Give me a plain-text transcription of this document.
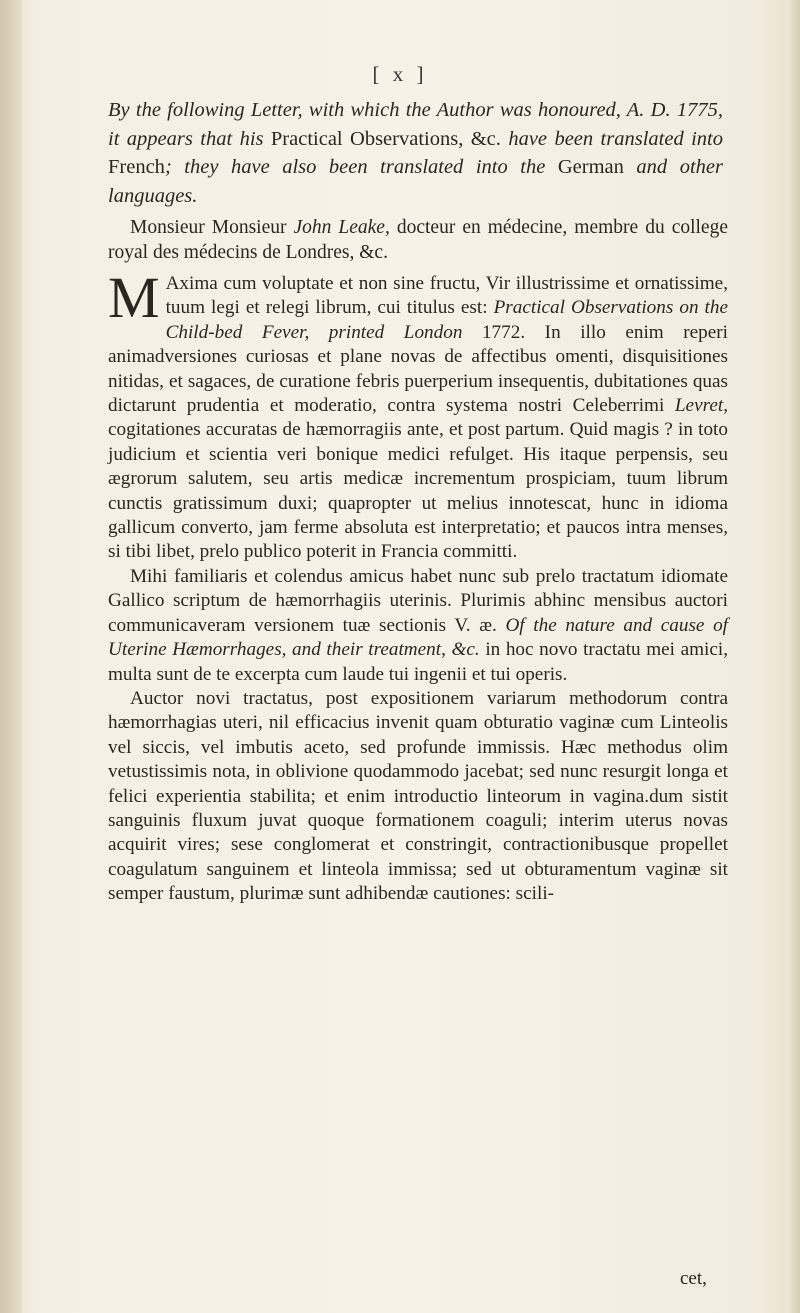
[ x ]
By the following Letter, with which the Author was honoured, A. D. 1775, it appears that his Practical Observations, &c. have been translated into French; they have also been translated into the German and other languages.
Monsieur Monsieur John Leake, docteur en médecine, membre du college royal des médecins de Londres, &c.

M Axima cum voluptate et non sine fructu, Vir illustrissime et ornatissime, tuum legi et relegi librum, cui titulus est: Practical Observations on the Child-bed Fever, printed London 1772. In illo enim reperi animadversiones curiosas et plane novas de affectibus omenti, disquisitiones nitidas, et sagaces, de curatione febris puerperium insequentis, dubitationes quas dictarunt prudentia et moderatio, contra systema nostri Celeberrimi Levret, cogitationes accuratas de hæmorragiis ante, et post partum. Quid magis ? in toto judicium et scientia veri bonique medici refulget. His itaque perpensis, seu ægrorum salutem, seu artis medicæ incrementum prospiciam, tuum librum cunctis gratissimum duxi; quapropter ut melius innotescat, hunc in idioma gallicum converto, jam ferme absoluta est interpretatio; et paucos intra menses, si tibi libet, prelo publico poterit in Francia committi.

Mihi familiaris et colendus amicus habet nunc sub prelo tractatum idiomate Gallico scriptum de hæmorrhagiis uterinis. Plurimis abhinc mensibus auctori communicaveram versionem tuæ sectionis V. æ. Of the nature and cause of Uterine Hæmorrhages, and their treatment, &c. in hoc novo tractatu mei amici, multa sunt de te excerpta cum laude tui ingenii et tui operis.

Auctor novi tractatus, post expositionem variarum methodorum contra hæmorrhagias uteri, nil efficacius invenit quam obturatio vaginæ cum Linteolis vel siccis, vel imbutis aceto, sed profunde immissis. Hæc methodus olim vetustissimis nota, in oblivione quodammodo jacebat; sed nunc resurgit longa et felici experientia stabilita; et enim introductio linteorum in vagina.dum sistit sanguinis fluxum juvat quoque formationem coaguli; interim uterus novas acquirit vires; sese conglomerat et constringit, contractionibusque propellet coagulatum sanguinem et linteola immissa; sed ut obturamentum vaginæ sit semper faustum, plurimæ sunt adhibendæ cautiones: scili-

cet,
